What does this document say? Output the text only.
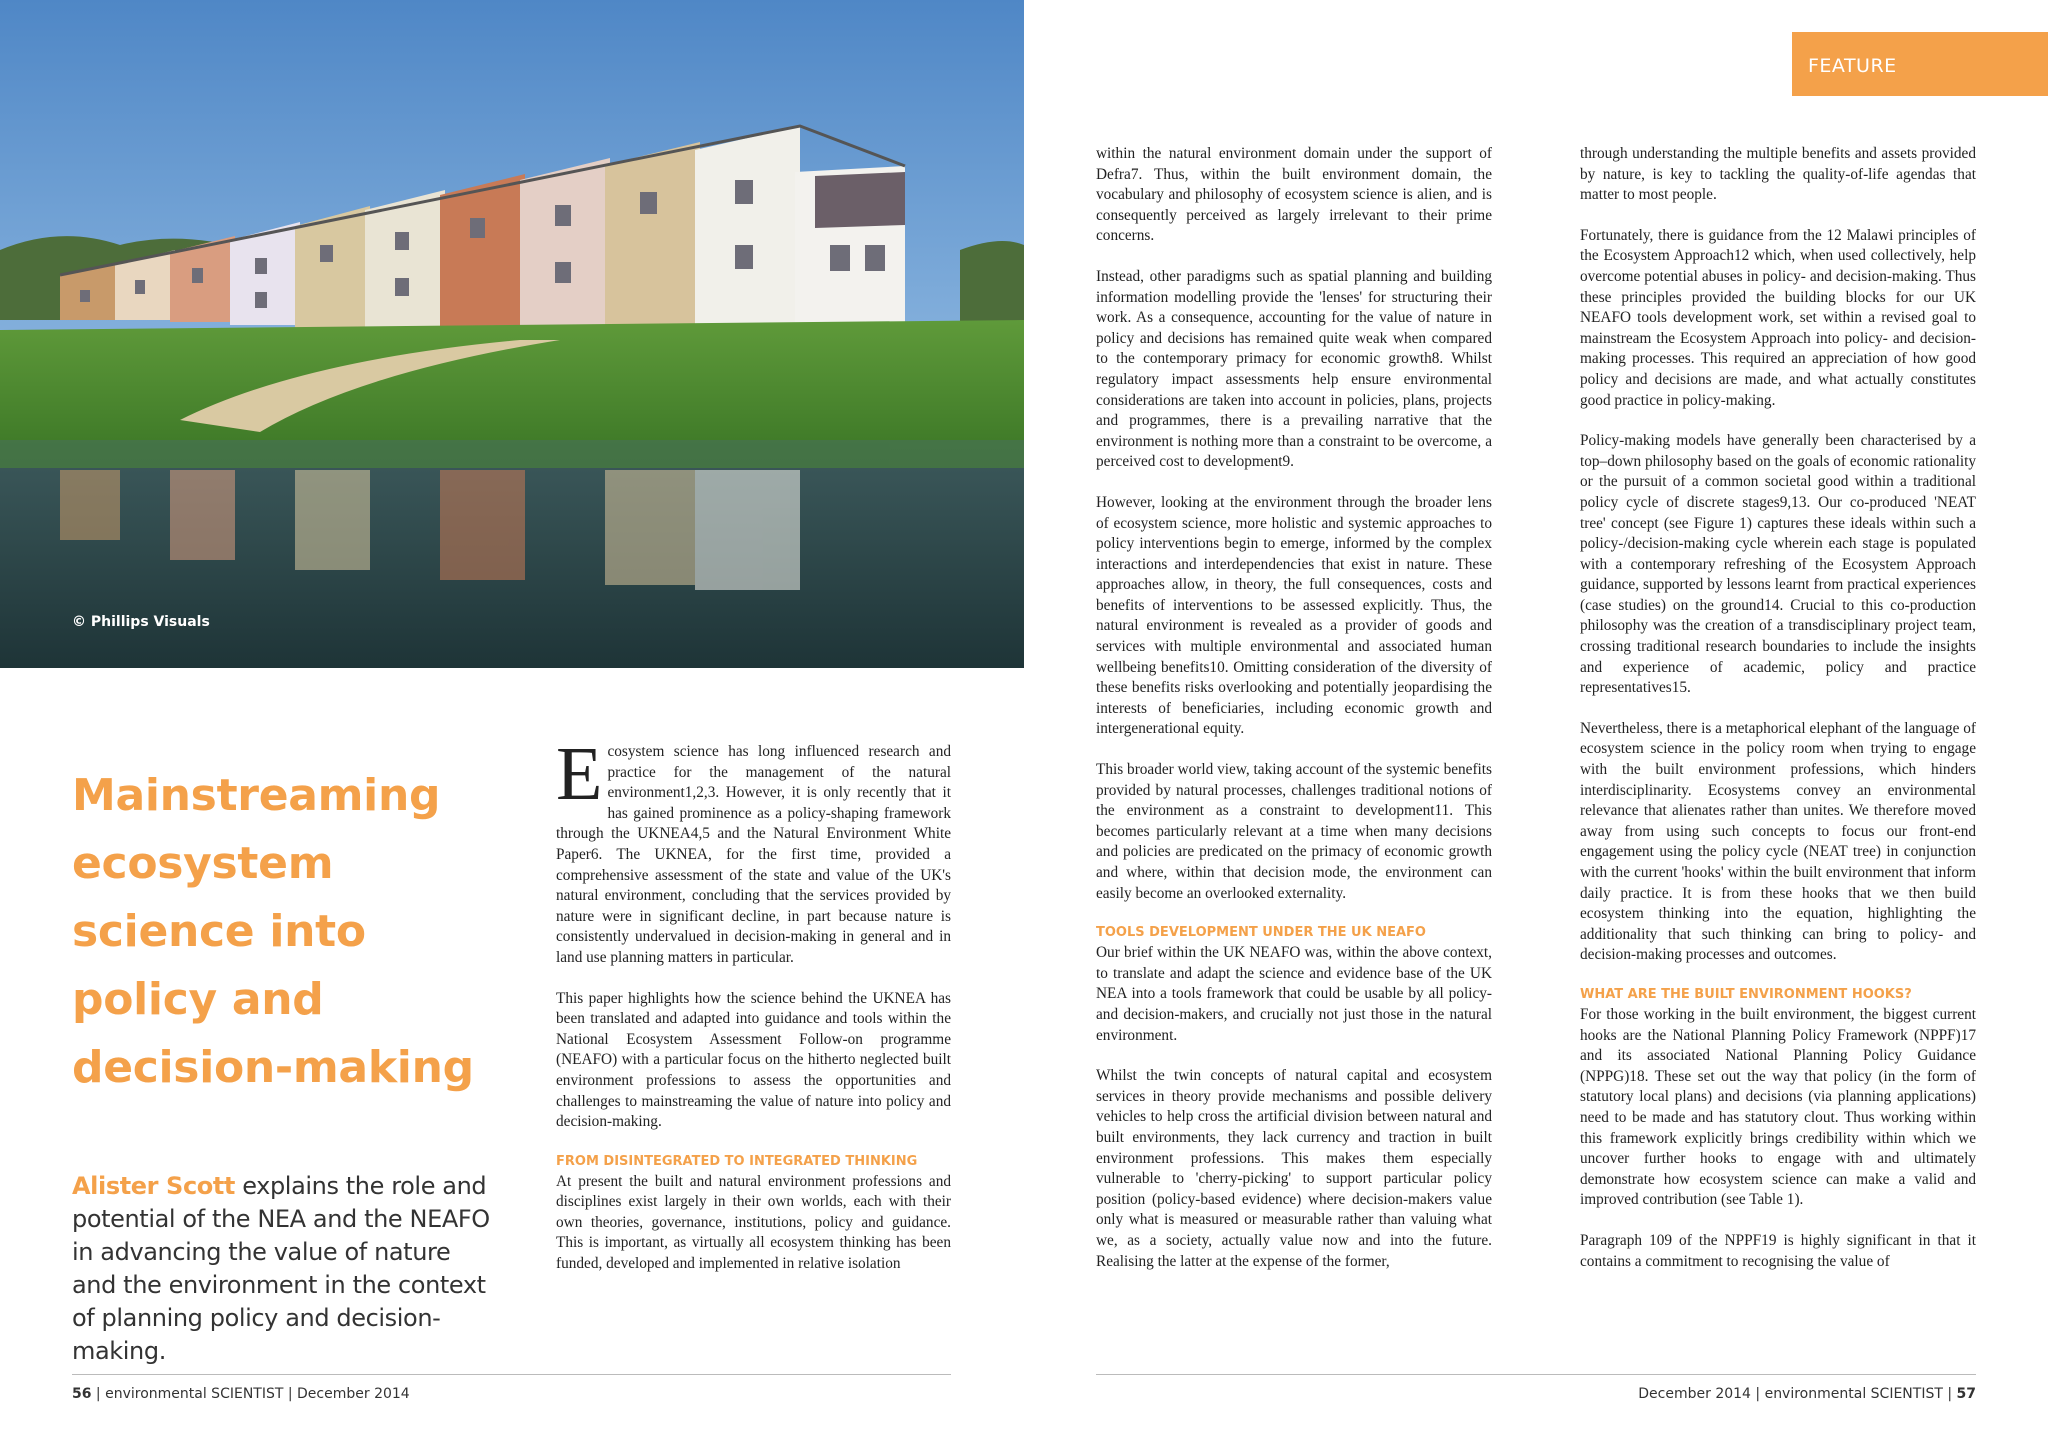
© Phillips Visuals
FEATURE
Mainstreaming
ecosystem
science into
policy and
decision-making
Alister Scott explains the role and potential of the NEA and the NEAFO in advancing the value of nature and the environment in the context of planning policy and decision-making.

Ecosystem science has long influenced research and practice for the management of the natural environment1,2,3. However, it is only recently that it has gained prominence as a policy-shaping framework through the UKNEA4,5 and the Natural Environment White Paper6. The UKNEA, for the first time, provided a comprehensive assessment of the state and value of the UK's natural environment, concluding that the services provided by nature were in significant decline, in part because nature is consistently undervalued in decision-making in general and in land use planning matters in particular.

This paper highlights how the science behind the UKNEA has been translated and adapted into guidance and tools within the National Ecosystem Assessment Follow-on programme (NEAFO) with a particular focus on the hitherto neglected built environment professions to assess the opportunities and challenges to mainstreaming the value of nature into policy and decision-making.

FROM DISINTEGRATED TO INTEGRATED THINKING

At present the built and natural environment professions and disciplines exist largely in their own worlds, each with their own theories, governance, institutions, policy and guidance. This is important, as virtually all ecosystem thinking has been funded, developed and implemented in relative isolation

within the natural environment domain under the support of Defra7. Thus, within the built environment domain, the vocabulary and philosophy of ecosystem science is alien, and is consequently perceived as largely irrelevant to their prime concerns.

Instead, other paradigms such as spatial planning and building information modelling provide the 'lenses' for structuring their work. As a consequence, accounting for the value of nature in policy and decisions has remained quite weak when compared to the contemporary primacy for economic growth8. Whilst regulatory impact assessments help ensure environmental considerations are taken into account in policies, plans, projects and programmes, there is a prevailing narrative that the environment is nothing more than a constraint to be overcome, a perceived cost to development9.

However, looking at the environment through the broader lens of ecosystem science, more holistic and systemic approaches to policy interventions begin to emerge, informed by the complex interactions and interdependencies that exist in nature. These approaches allow, in theory, the full consequences, costs and benefits of interventions to be assessed explicitly. Thus, the natural environment is revealed as a provider of goods and services with multiple environmental and associated human wellbeing benefits10. Omitting consideration of the diversity of these benefits risks overlooking and potentially jeopardising the interests of beneficiaries, including economic growth and intergenerational equity.

This broader world view, taking account of the systemic benefits provided by natural processes, challenges traditional notions of the environment as a constraint to development11. This becomes particularly relevant at a time when many decisions and policies are predicated on the primacy of economic growth and where, within that decision mode, the environment can easily become an overlooked externality.

TOOLS DEVELOPMENT UNDER THE UK NEAFO

Our brief within the UK NEAFO was, within the above context, to translate and adapt the science and evidence base of the UK NEA into a tools framework that could be usable by all policy- and decision-makers, and crucially not just those in the natural environment.

Whilst the twin concepts of natural capital and ecosystem services in theory provide mechanisms and possible delivery vehicles to help cross the artificial division between natural and built environments, they lack currency and traction in built environment professions. This makes them especially vulnerable to 'cherry-picking' to support particular policy position (policy-based evidence) where decision-makers value only what is measured or measurable rather than valuing what we, as a society, actually value now and into the future. Realising the latter at the expense of the former,

through understanding the multiple benefits and assets provided by nature, is key to tackling the quality-of-life agendas that matter to most people.

Fortunately, there is guidance from the 12 Malawi principles of the Ecosystem Approach12 which, when used collectively, help overcome potential abuses in policy- and decision-making. Thus these principles provided the building blocks for our UK NEAFO tools development work, set within a revised goal to mainstream the Ecosystem Approach into policy- and decision-making processes. This required an appreciation of how good policy and decisions are made, and what actually constitutes good practice in policy-making.

Policy-making models have generally been characterised by a top–down philosophy based on the goals of economic rationality or the pursuit of a common societal good within a traditional policy cycle of discrete stages9,13. Our co-produced 'NEAT tree' concept (see Figure 1) captures these ideals within such a policy-/decision-making cycle wherein each stage is populated with a contemporary refreshing of the Ecosystem Approach guidance, supported by lessons learnt from practical experiences (case studies) on the ground14. Crucial to this co-production philosophy was the creation of a transdisciplinary project team, crossing traditional research boundaries to include the insights and experience of academic, policy and practice representatives15.

Nevertheless, there is a metaphorical elephant of the language of ecosystem science in the policy room when trying to engage with the built environment professions, which hinders interdisciplinarity. Ecosystems convey an environmental relevance that alienates rather than unites. We therefore moved away from using such concepts to focus our front-end engagement using the policy cycle (NEAT tree) in conjunction with the current 'hooks' within the built environment that inform daily practice. It is from these hooks that we then build ecosystem thinking into the equation, highlighting the additionality that such thinking can bring to policy- and decision-making processes and outcomes.

WHAT ARE THE BUILT ENVIRONMENT HOOKS?

For those working in the built environment, the biggest current hooks are the National Planning Policy Framework (NPPF)17 and its associated National Planning Policy Guidance (NPPG)18. These set out the way that policy (in the form of statutory local plans) and decisions (via planning applications) need to be made and has statutory clout. Thus working within this framework explicitly brings credibility within which we uncover further hooks to engage with and ultimately demonstrate how ecosystem science can make a valid and improved contribution (see Table 1).

Paragraph 109 of the NPPF19 is highly significant in that it contains a commitment to recognising the value of

56 | environmental SCIENTIST | December 2014	December 2014 | environmental SCIENTIST | 57
